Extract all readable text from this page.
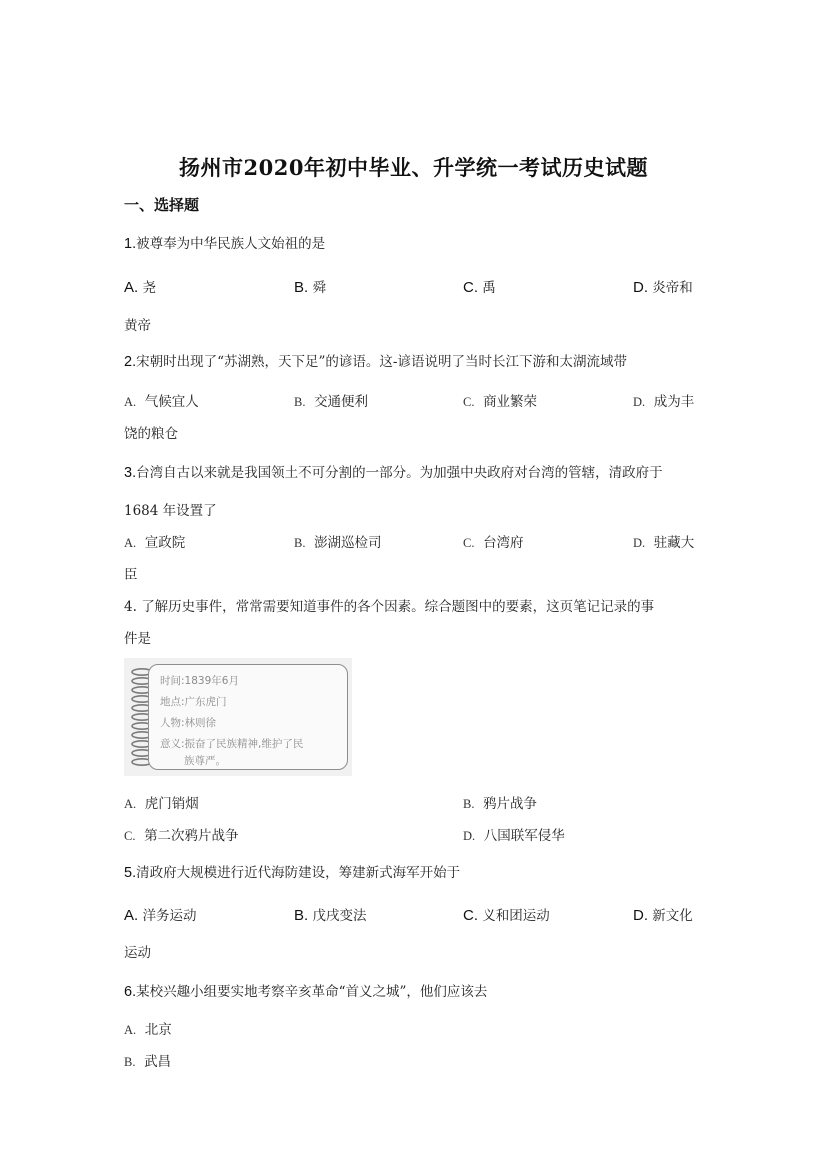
扬州市2020年初中毕业、升学统一考试历史试题
一、选择题
1.被尊奉为中华民族人文始祖的是
A. 尧	B. 舜	C. 禹	D. 炎帝和
黄帝
2.宋朝时出现了“苏湖熟，天下足”的谚语。这-谚语说明了当时长江下游和太湖流域带
A. 气候宜人	B. 交通便利	C. 商业繁荣	D. 成为丰
饶的粮仓
3.台湾自古以来就是我国领土不可分割的一部分。为加强中央政府对台湾的管辖，清政府于
1684 年设置了
A. 宣政院	B. 澎湖巡检司	C. 台湾府	D. 驻藏大
臣
4. 了解历史事件，常常需要知道事件的各个因素。综合题图中的要素，这页笔记记录的事
件是
时间:1839年6月
地点:广东虎门
人物:林则徐
意义:振奋了民族精神,维护了民
族尊严。
A. 虎门销烟	B. 鸦片战争
C. 第二次鸦片战争	D. 八国联军侵华
5.清政府大规模进行近代海防建设，筹建新式海军开始于
A. 洋务运动	B. 戊戌变法	C. 义和团运动	D. 新文化
运动
6.某校兴趣小组要实地考察辛亥革命“首义之城”，他们应该去
A. 北京
B. 武昌
